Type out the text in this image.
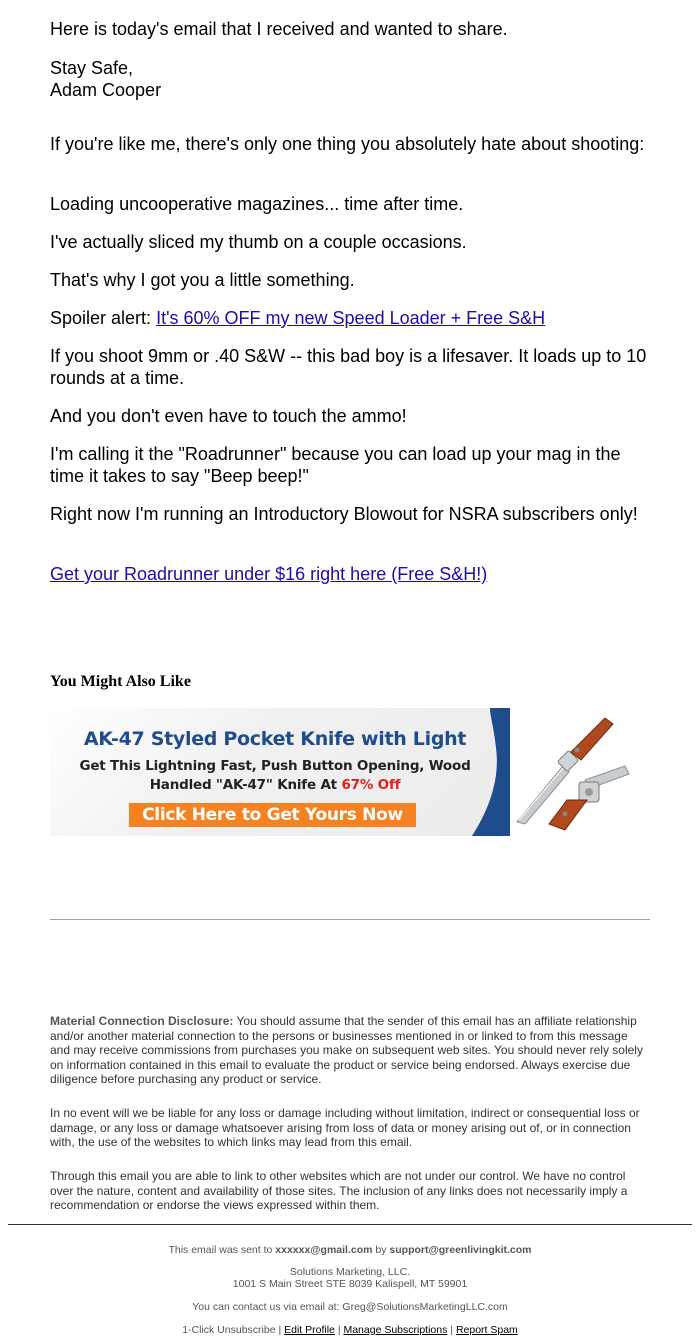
Here is today's email that I received and wanted to share.

Stay Safe,
Adam Cooper

If you're like me, there's only one thing you absolutely hate about shooting:

Loading uncooperative magazines... time after time.

I've actually sliced my thumb on a couple occasions.

That's why I got you a little something.

Spoiler alert: It's 60% OFF my new Speed Loader + Free S&H

If you shoot 9mm or .40 S&W -- this bad boy is a lifesaver. It loads up to 10 rounds at a time.

And you don't even have to touch the ammo!

I'm calling it the "Roadrunner" because you can load up your mag in the time it takes to say "Beep beep!"

Right now I'm running an Introductory Blowout for NSRA subscribers only!

Get your Roadrunner under $16 right here (Free S&H!)

You Might Also Like
AK-47 Styled Pocket Knife with Light
Get This Lightning Fast, Push Button Opening, Wood
Handled "AK-47" Knife At 67% Off
Click Here to Get Yours Now

Material Connection Disclosure: You should assume that the sender of this email has an affiliate relationship and/or another material connection to the persons or businesses mentioned in or linked to from this message and may receive commissions from purchases you make on subsequent web sites. You should never rely solely on information contained in this email to evaluate the product or service being endorsed. Always exercise due diligence before purchasing any product or service.

In no event will we be liable for any loss or damage including without limitation, indirect or consequential loss or damage, or any loss or damage whatsoever arising from loss of data or money arising out of, or in connection with, the use of the websites to which links may lead from this email.

Through this email you are able to link to other websites which are not under our control. We have no control over the nature, content and availability of those sites. The inclusion of any links does not necessarily imply a recommendation or endorse the views expressed within them.

This email was sent to xxxxxx@gmail.com by support@greenlivingkit.com
Solutions Marketing, LLC.
1001 S Main Street STE 8039 Kalispell, MT 59901
You can contact us via email at: Greg@SolutionsMarketingLLC.com
1-Click Unsubscribe | Edit Profile | Manage Subscriptions | Report Spam
